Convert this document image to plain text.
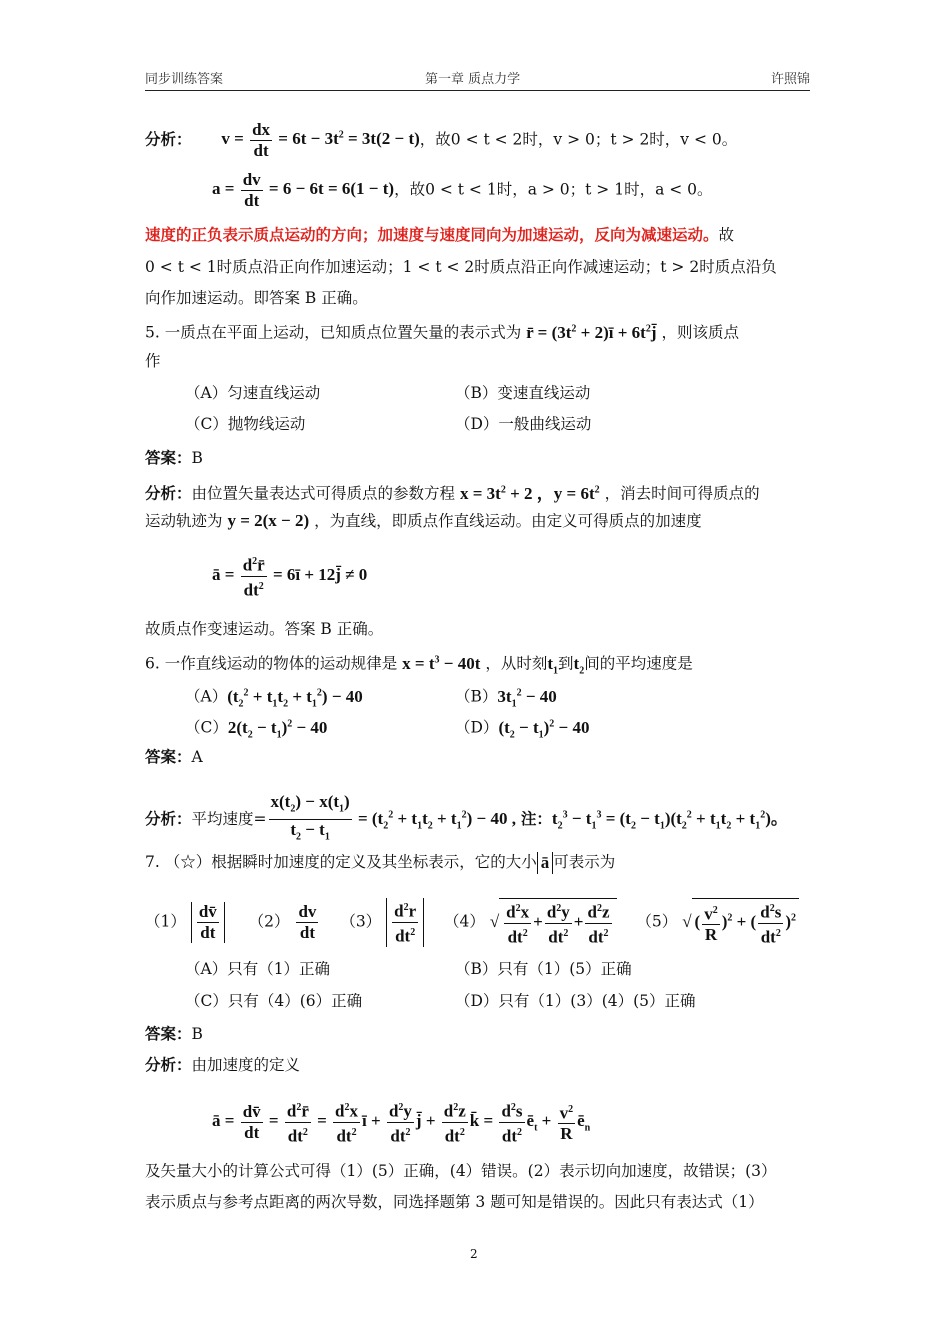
同步训练答案	第一章 质点力学	许照锦
分析： $v = \frac{dx}{dt} = 6t - 3t^2 = 3t(2 - t)$，故0 < t < 2时，v > 0；t > 2时，v < 0。
$a = \frac{dv}{dt} = 6 - 6t = 6(1 - t)$，故0 < t < 1时，a > 0；t > 1时，a < 0。
速度的正负表示质点运动的方向；加速度与速度同向为加速运动，反向为减速运动。故
0 < t < 1时质点沿正向作加速运动；1 < t < 2时质点沿正向作减速运动；t > 2时质点沿负
向作加速运动。即答案 B 正确。
5. 一质点在平面上运动，已知质点位置矢量的表示式为 r̄ = ($3t^2$ + 2)ī + $6t^2j̄$ ，则该质点
作
（A）匀速直线运动	（B）变速直线运动
（C）抛物线运动	（D）一般曲线运动
答案：B
分析：由位置矢量表达式可得质点的参数方程 $x = 3t^2 + 2$ ，$y = 6t^2$ ，消去时间可得质点的
运动轨迹为 y = 2(x − 2) ，为直线，即质点作直线运动。由定义可得质点的加速度
ā = $\frac{d^2r̄}{dt^2}$ = 6ī + 12j̄ ≠ 0
故质点作变速运动。答案 B 正确。
6. 一作直线运动的物体的运动规律是 $x = t^3 - 40t$ ，从时刻$t_1$到$t_2$间的平均速度是
$(A)(t_2^2 + t_1t_2 + t_1^2) - 40$	$(B)3t_1^2 - 40$
$(C)2(t_2 - t_1)^2 - 40$	$(D)(t_2 - t_1)^2 - 40$
答案：A
分析：平均速度= $\frac{x(t_2) - x(t_1)}{t_2 - t_1} = (t_2^2 + t_1t_2 + t_1^2) - 40$ , 注：$t_2^3 - t_1^3 = (t_2 - t_1)(t_2^2 + t_1t_2 + t_1^2)$。
7. （☆）根据瞬时加速度的定义及其坐标表示，它的大小 ā 可表示为
$(1) \frac{dv̄}{dt} (2) \frac{dv}{dt} (3) \frac{d^2r}{dt^2} (4)$ √ $\frac{d^2x}{dt^2} + \frac{d^2y}{dt^2} + \frac{d^2z}{dt^2} (5)$ √ ( $\frac{v^2}{R} )^2$ + ( $\frac{d^2s}{dt^2} )^2$
（A）只有（1）正确	（B）只有（1）(5）正确
（C）只有（4）(6）正确	（D）只有（1）(3）(4）(5）正确
答案：B
分析：由加速度的定义
ā = $\frac{dv̄}{dt} = \frac{d^2r̄}{dt^2} = \frac{d^2x}{dt^2}$ ī + $\frac{d^2y}{dt^2}$ j̄ + $\frac{d^2z}{dt^2}$ k̄ = $\frac{d^2s}{dt^2}$ $ē_t + \frac{v^2}{R}$ $ē_n$
及矢量大小的计算公式可得（1）(5）正确，(4）错误。(2）表示切向加速度，故错误；(3）
表示质点与参考点距离的两次导数，同选择题第 3 题可知是错误的。因此只有表达式（1）
2
